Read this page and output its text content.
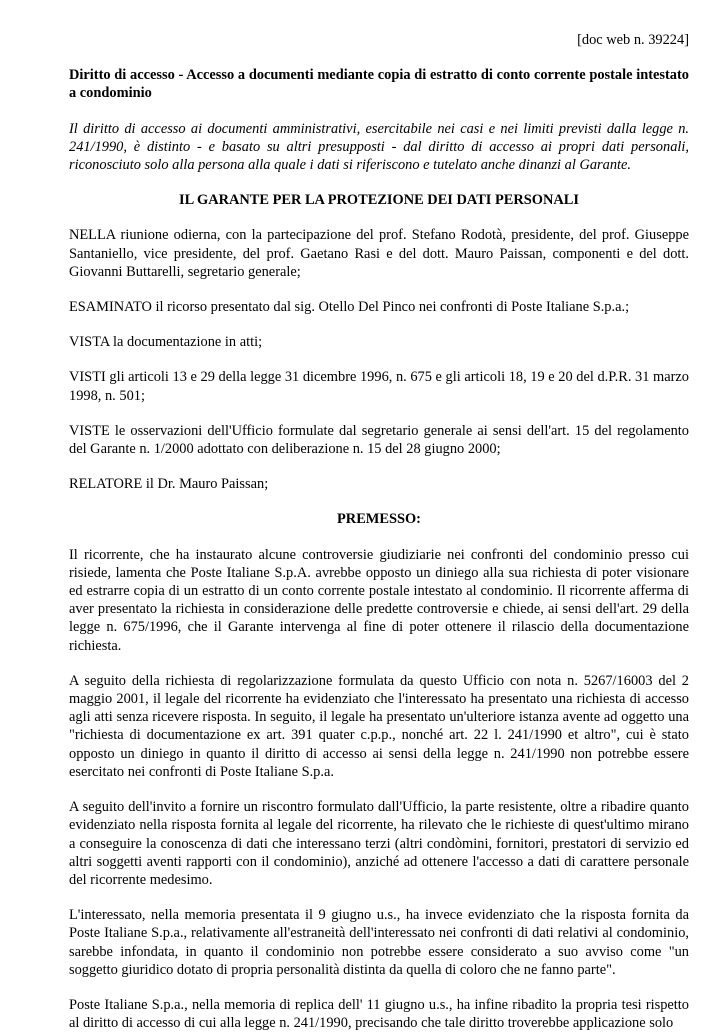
[doc web n. 39224]
Diritto di accesso - Accesso a documenti mediante copia di estratto di conto corrente postale intestato a condominio
Il diritto di accesso ai documenti amministrativi, esercitabile nei casi e nei limiti previsti dalla legge n. 241/1990, è distinto - e basato su altri presupposti - dal diritto di accesso ai propri dati personali, riconosciuto solo alla persona alla quale i dati si riferiscono e tutelato anche dinanzi al Garante.
IL GARANTE PER LA PROTEZIONE DEI DATI PERSONALI

NELLA riunione odierna, con la partecipazione del prof. Stefano Rodotà, presidente, del prof. Giuseppe Santaniello, vice presidente, del prof. Gaetano Rasi e del dott. Mauro Paissan, componenti e del dott. Giovanni Buttarelli, segretario generale;

ESAMINATO il ricorso presentato dal sig. Otello Del Pinco nei confronti di Poste Italiane S.p.a.;

VISTA la documentazione in atti;

VISTI gli articoli 13 e 29 della legge 31 dicembre 1996, n. 675 e gli articoli 18, 19 e 20 del d.P.R. 31 marzo 1998, n. 501;

VISTE le osservazioni dell'Ufficio formulate dal segretario generale ai sensi dell'art. 15 del regolamento del Garante n. 1/2000 adottato con deliberazione n. 15 del 28 giugno 2000;

RELATORE il Dr. Mauro Paissan;

PREMESSO:

Il ricorrente, che ha instaurato alcune controversie giudiziarie nei confronti del condominio presso cui risiede, lamenta che Poste Italiane S.p.A. avrebbe opposto un diniego alla sua richiesta di poter visionare ed estrarre copia di un estratto di un conto corrente postale intestato al condominio. Il ricorrente afferma di aver presentato la richiesta in considerazione delle predette controversie e chiede, ai sensi dell'art. 29 della legge n. 675/1996, che il Garante intervenga al fine di poter ottenere il rilascio della documentazione richiesta.

A seguito della richiesta di regolarizzazione formulata da questo Ufficio con nota n. 5267/16003 del 2 maggio 2001, il legale del ricorrente ha evidenziato che l'interessato ha presentato una richiesta di accesso agli atti senza ricevere risposta. In seguito, il legale ha presentato un'ulteriore istanza avente ad oggetto una "richiesta di documentazione ex art. 391 quater c.p.p., nonché art. 22 l. 241/1990 et altro", cui è stato opposto un diniego in quanto il diritto di accesso ai sensi della legge n. 241/1990 non potrebbe essere esercitato nei confronti di Poste Italiane S.p.a.

A seguito dell'invito a fornire un riscontro formulato dall'Ufficio, la parte resistente, oltre a ribadire quanto evidenziato nella risposta fornita al legale del ricorrente, ha rilevato che le richieste di quest'ultimo mirano a conseguire la conoscenza di dati che interessano terzi (altri condòmini, fornitori, prestatori di servizio ed altri soggetti aventi rapporti con il condominio), anziché ad ottenere l'accesso a dati di carattere personale del ricorrente medesimo.

L'interessato, nella memoria presentata il 9 giugno u.s., ha invece evidenziato che la risposta fornita da Poste Italiane S.p.a., relativamente all'estraneità dell'interessato nei confronti di dati relativi al condominio, sarebbe infondata, in quanto il condominio non potrebbe essere considerato a suo avviso come "un soggetto giuridico dotato di propria personalità distinta da quella di coloro che ne fanno parte".

Poste Italiane S.p.a., nella memoria di replica dell' 11 giugno u.s., ha infine ribadito la propria tesi rispetto al diritto di accesso di cui alla legge n. 241/1990, precisando che tale diritto troverebbe applicazione solo
